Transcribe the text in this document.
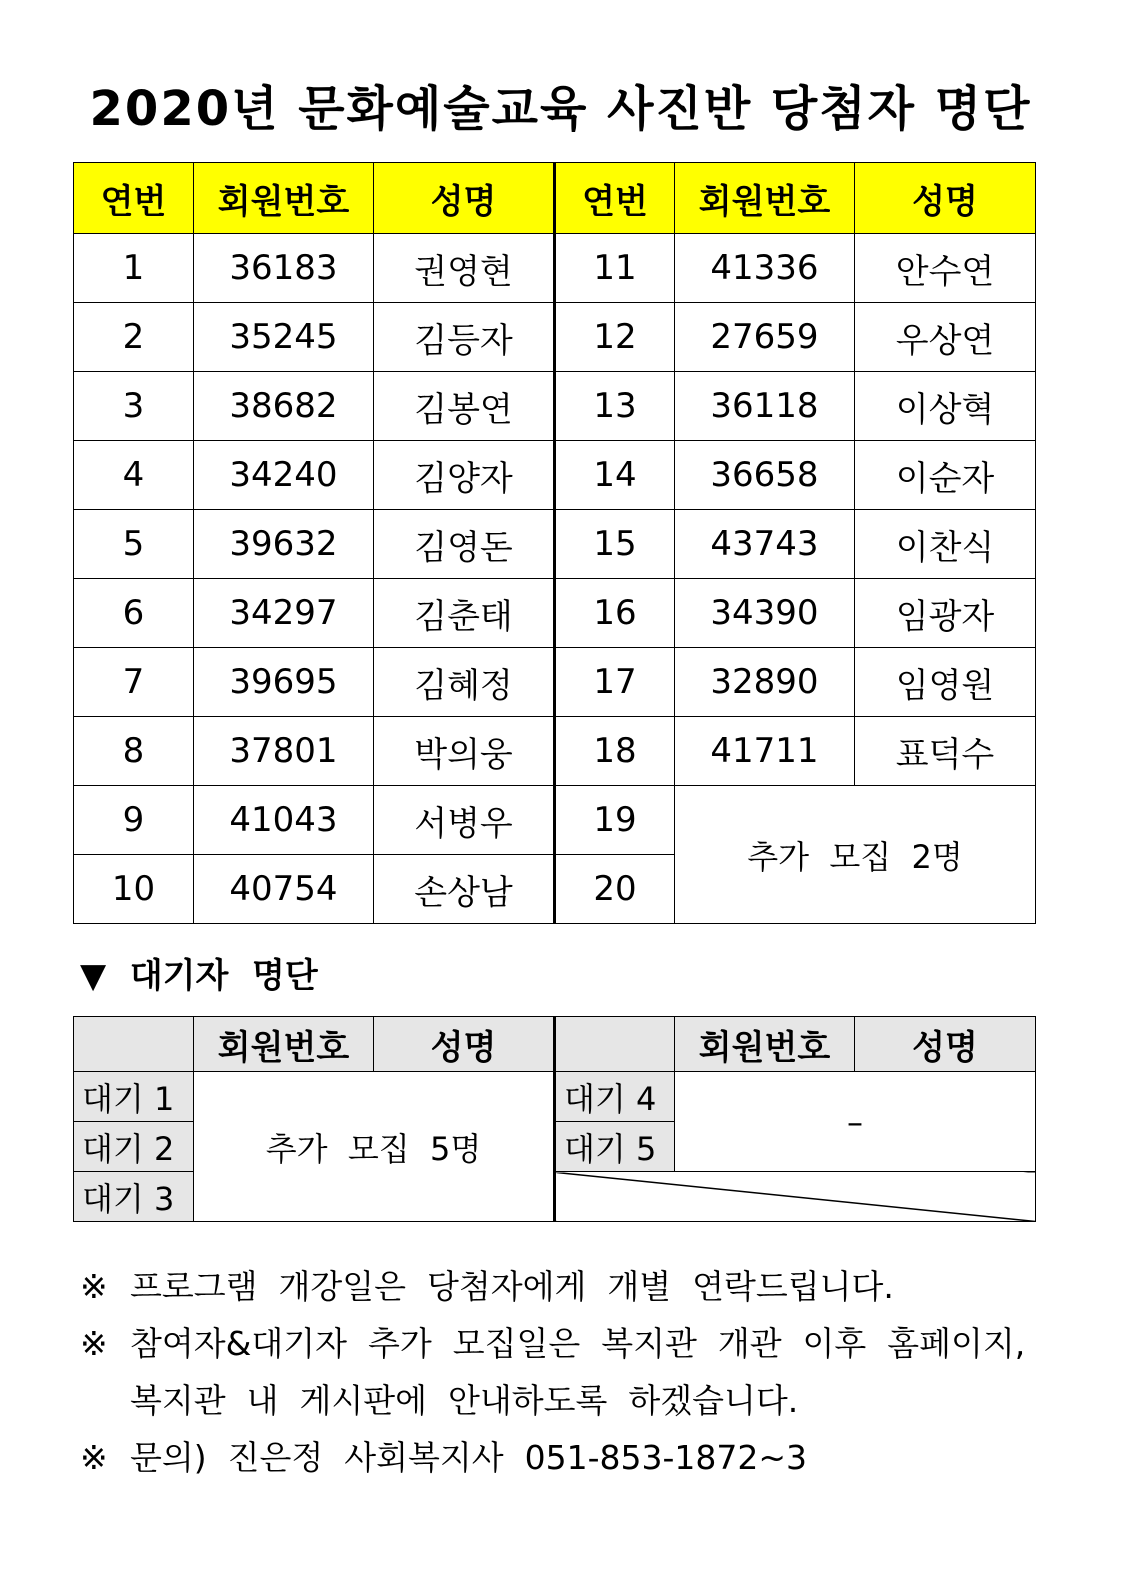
2020년 문화예술교육 사진반 당첨자 명단
연번	회원번호	성명	연번	회원번호	성명
1	36183	권영현	11	41336	안수연
2	35245	김등자	12	27659	우상연
3	38682	김봉연	13	36118	이상혁
4	34240	김양자	14	36658	이순자
5	39632	김영돈	15	43743	이찬식
6	34297	김춘태	16	34390	임광자
7	39695	김혜정	17	32890	임영원
8	37801	박의웅	18	41711	표덕수
9	41043	서병우	19	추가  모집  2명	
10	40754	손상남	20		
▼  대기자  명단
	회원번호	성명		회원번호	성명
대기 1	추가  모집  5명		대기 4	–	
대기 2			대기 5		
대기 3					
※ 프로그램  개강일은  당첨자에게  개별  연락드립니다.
※ 참여자&대기자  추가  모집일은  복지관  개관  이후  홈페이지,
복지관  내  게시판에  안내하도록  하겠습니다.
※ 문의)  진은정  사회복지사  051-853-1872~3
